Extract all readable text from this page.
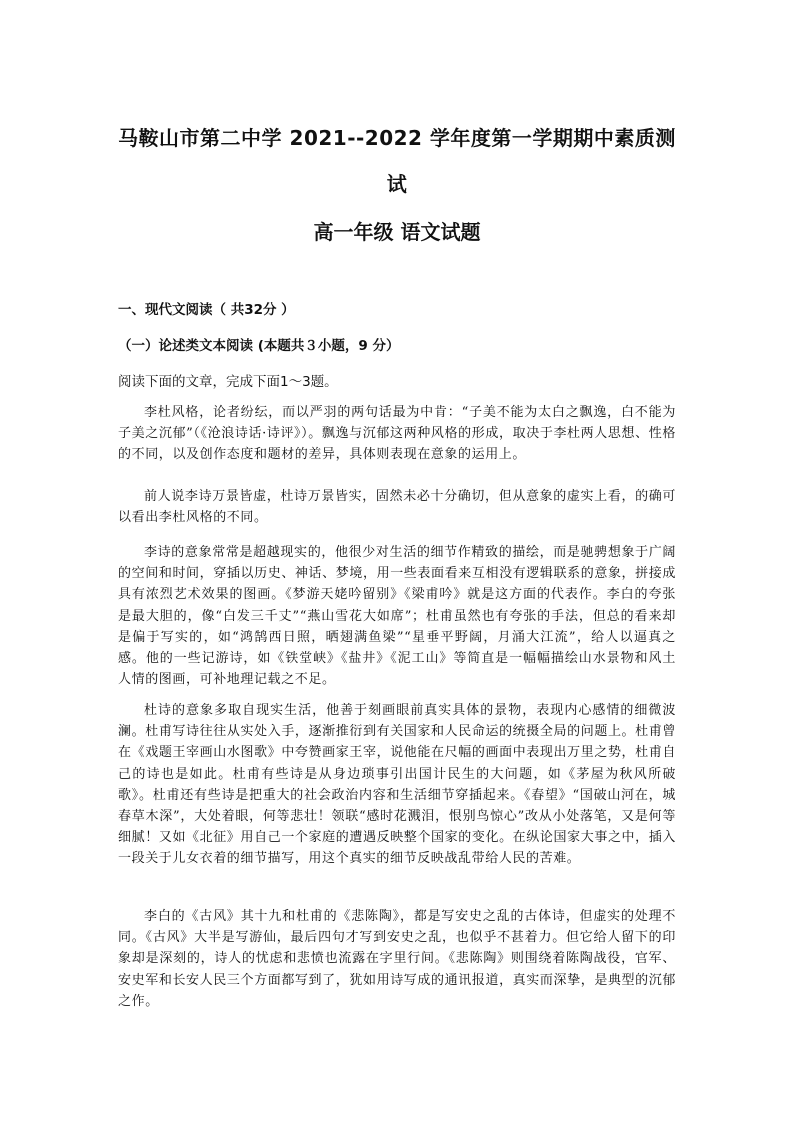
马鞍山市第二中学 2021--2022 学年度第一学期期中素质测
试
高一年级 语文试题

一、现代文阅读（ 共32分 ）

（一）论述类文本阅读 (本题共３小题，9 分）

阅读下面的文章，完成下面1～3题。

李杜风格，论者纷纭，而以严羽的两句话最为中肯：“子美不能为太白之飘逸，白不能为子美之沉郁”（《沧浪诗话·诗评》）。飘逸与沉郁这两种风格的形成，取决于李杜两人思想、性格的不同，以及创作态度和题材的差异，具体则表现在意象的运用上。

前人说李诗万景皆虚，杜诗万景皆实，固然未必十分确切，但从意象的虚实上看，的确可以看出李杜风格的不同。

李诗的意象常常是超越现实的，他很少对生活的细节作精致的描绘，而是驰骋想象于广阔的空间和时间，穿插以历史、神话、梦境，用一些表面看来互相没有逻辑联系的意象，拼接成具有浓烈艺术效果的图画。《梦游天姥吟留别》《梁甫吟》就是这方面的代表作。李白的夸张是最大胆的，像“白发三千丈”“燕山雪花大如席”；杜甫虽然也有夸张的手法，但总的看来却是偏于写实的，如“鸿鹄西日照，晒翅满鱼梁”“星垂平野阔，月涌大江流”，给人以逼真之感。他的一些记游诗，如《铁堂峡》《盐井》《泥工山》等简直是一幅幅描绘山水景物和风土人情的图画，可补地理记载之不足。

杜诗的意象多取自现实生活，他善于刻画眼前真实具体的景物，表现内心感情的细微波澜。杜甫写诗往往从实处入手，逐渐推衍到有关国家和人民命运的统摄全局的问题上。杜甫曾在《戏题王宰画山水图歌》中夸赞画家王宰，说他能在尺幅的画面中表现出万里之势，杜甫自己的诗也是如此。杜甫有些诗是从身边琐事引出国计民生的大问题，如《茅屋为秋风所破歌》。杜甫还有些诗是把重大的社会政治内容和生活细节穿插起来。《春望》“国破山河在，城春草木深”，大处着眼，何等悲壮！领联“感时花溅泪，恨别鸟惊心”改从小处落笔，又是何等细腻！又如《北征》用自己一个家庭的遭遇反映整个国家的变化。在纵论国家大事之中，插入一段关于儿女衣着的细节描写，用这个真实的细节反映战乱带给人民的苦难。

李白的《古风》其十九和杜甫的《悲陈陶》，都是写安史之乱的古体诗，但虚实的处理不同。《古风》大半是写游仙，最后四句才写到安史之乱，也似乎不甚着力。但它给人留下的印象却是深刻的，诗人的忧虑和悲愤也流露在字里行间。《悲陈陶》则围绕着陈陶战役，官军、安史军和长安人民三个方面都写到了，犹如用诗写成的通讯报道，真实而深挚，是典型的沉郁之作。
